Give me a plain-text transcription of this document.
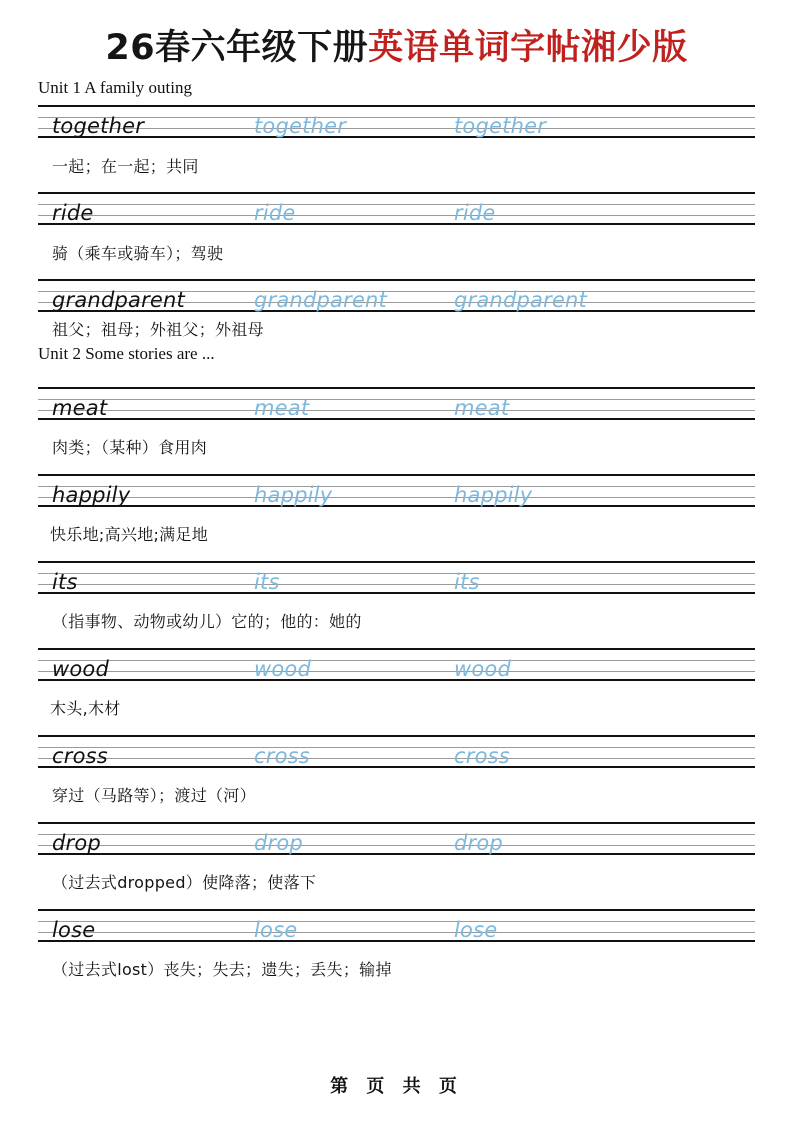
26春六年级下册英语单词字帖湘少版
Unit 1 A family outing
together	together	together
一起；在一起；共同
ride	ride	ride
骑（乘车或骑车）；驾驶
grandparent	grandparent	grandparent
祖父；祖母；外祖父；外祖母
Unit 2 Some stories are ...
meat	meat	meat
肉类；（某种）食用肉
happily	happily	happily
快乐地;高兴地;满足地
its	its	its
（指事物、动物或幼儿）它的；他的：她的
wood	wood	wood
木头,木材
cross	cross	cross
穿过（马路等）；渡过（河）
drop	drop	drop
（过去式dropped）使降落；使落下
lose	lose	lose
（过去式lost）丧失；失去；遗失；丢失；输掉
第 页 共 页
